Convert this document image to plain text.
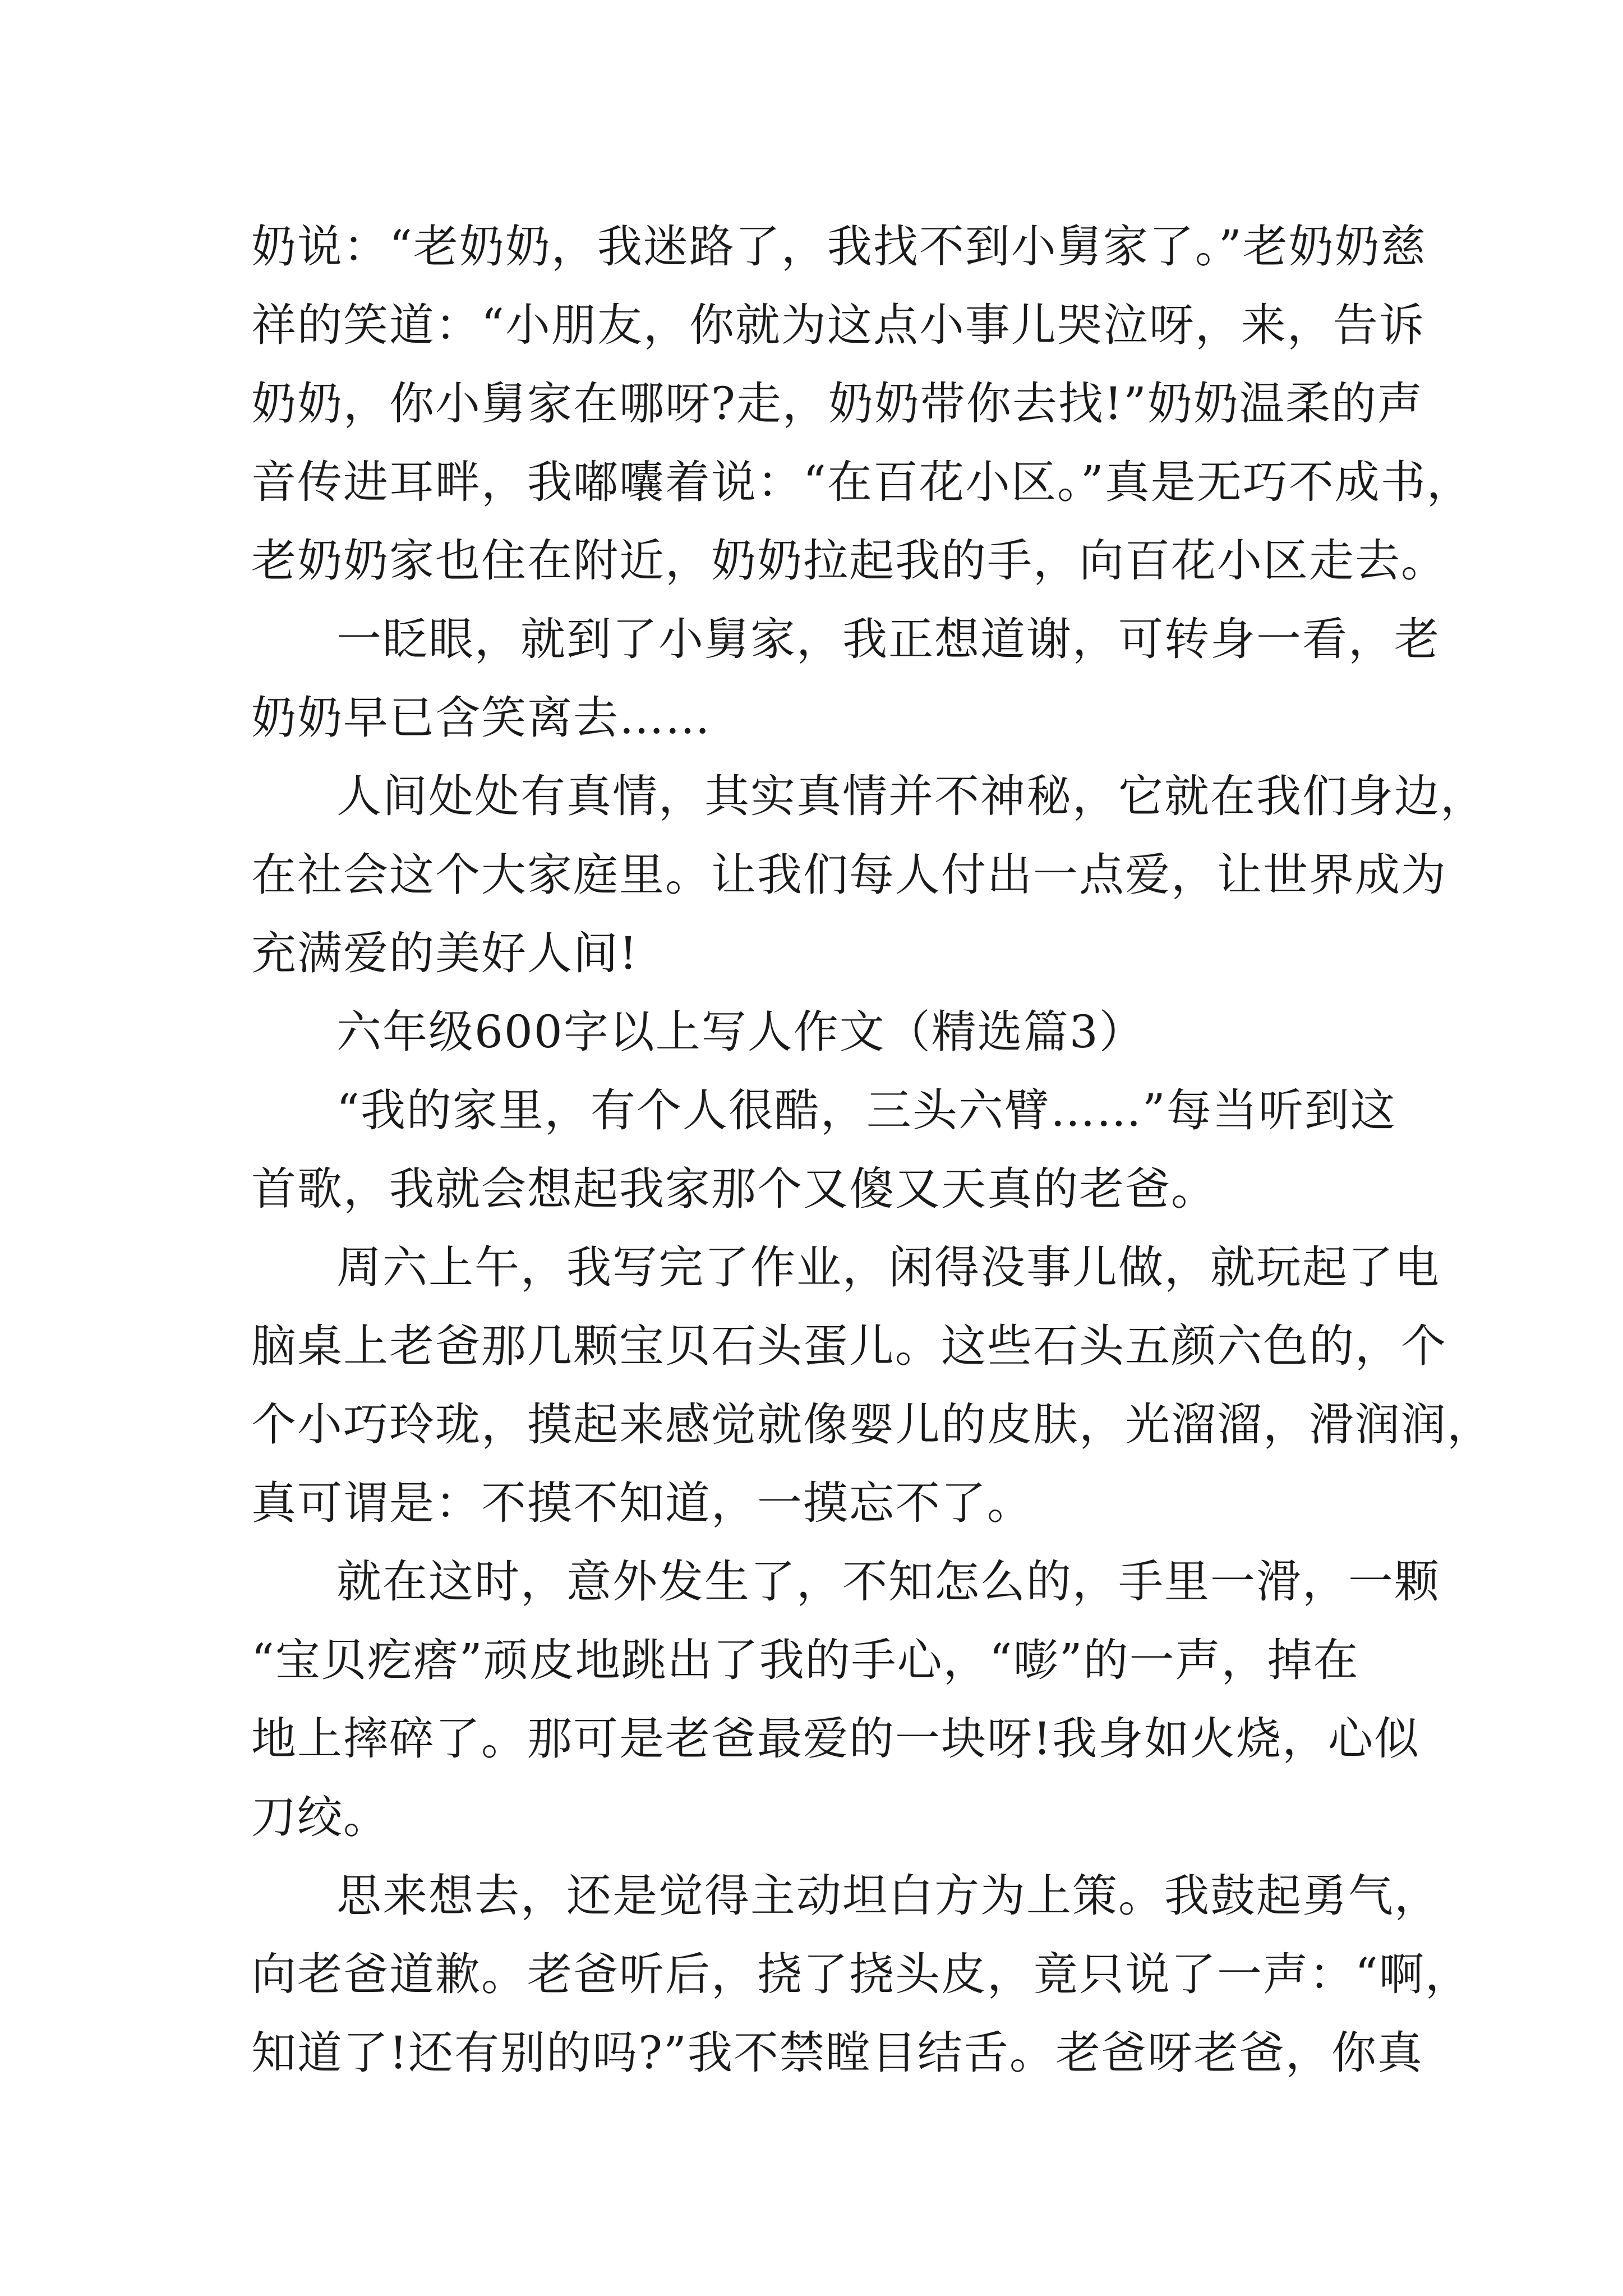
奶说：“老奶奶，我迷路了，我找不到小舅家了。”老奶奶慈
祥的笑道：“小朋友，你就为这点小事儿哭泣呀，来，告诉
奶奶，你小舅家在哪呀?走，奶奶带你去找!”奶奶温柔的声
音传进耳畔，我嘟囔着说：“在百花小区。”真是无巧不成书，
老奶奶家也住在附近，奶奶拉起我的手，向百花小区走去。
一眨眼，就到了小舅家，我正想道谢，可转身一看，老
奶奶早已含笑离去……
人间处处有真情，其实真情并不神秘，它就在我们身边，
在社会这个大家庭里。让我们每人付出一点爱，让世界成为
充满爱的美好人间!
六年级600字以上写人作文（精选篇3）
“我的家里，有个人很酷，三头六臂……”每当听到这
首歌，我就会想起我家那个又傻又天真的老爸。
周六上午，我写完了作业，闲得没事儿做，就玩起了电
脑桌上老爸那几颗宝贝石头蛋儿。这些石头五颜六色的，个
个小巧玲珑，摸起来感觉就像婴儿的皮肤，光溜溜，滑润润，
真可谓是：不摸不知道，一摸忘不了。
就在这时，意外发生了，不知怎么的，手里一滑，一颗
“宝贝疙瘩”顽皮地跳出了我的手心，“嘭”的一声，掉在
地上摔碎了。那可是老爸最爱的一块呀!我身如火烧，心似
刀绞。
思来想去，还是觉得主动坦白方为上策。我鼓起勇气，
向老爸道歉。老爸听后，挠了挠头皮，竟只说了一声：“啊，
知道了!还有别的吗?”我不禁瞠目结舌。老爸呀老爸，你真
